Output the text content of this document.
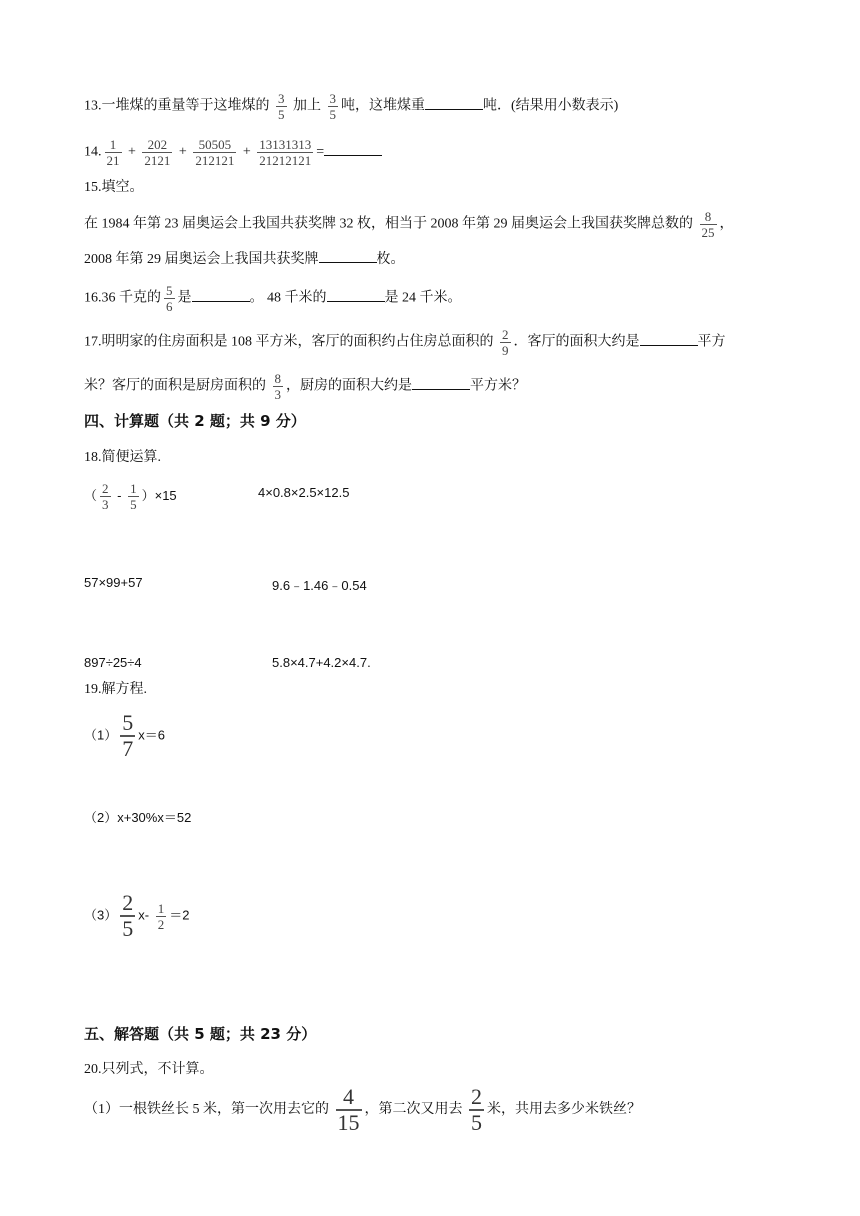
13.一堆煤的重量等于这堆煤的 $\frac{3}{5}$ 加上 $\frac{3}{5}$ 吨，这堆煤重	吨．(结果用小数表示)
14. $\frac{1}{21} + \frac{202}{2121} + \frac{50505}{212121} + \frac{13131313}{21212121}$ =
15.填空。
在 1984 年第 23 届奥运会上我国共获奖牌 32 枚，相当于 2008 年第 29 届奥运会上我国获奖牌总数的 $\frac{8}{25}$ ，
2008 年第 29 届奥运会上我国共获奖牌	枚。
16.36 千克的 $\frac{5}{6}$ 是	。 48 千米的	是 24 千米。
17.明明家的住房面积是 108 平方米，客厅的面积约占住房总面积的 $\frac{2}{9}$ ．客厅的面积大约是	平方
米？客厅的面积是厨房面积的 $\frac{8}{3}$ ，厨房的面积大约是	平方米？
四、计算题（共 2 题；共 9 分）
18.简便运算.
（ $\frac{2}{3} - \frac{1}{5} )\times 15$	4×0.8×2.5×12.5
57×99+57	9.6﹣1.46﹣0.54
897÷25÷4	5.8×4.7+4.2×4.7.
19.解方程.
$(1) \frac{5}{7} x=6$
（2）x+30%x＝52
$(3) \frac{2}{5} x- \frac{1}{2} =2$
五、解答题（共 5 题；共 23 分）
20.只列式，不计算。
（1）一根铁丝长 5 米，第一次用去它的 $\frac{4}{15}$ ，第二次又用去 $\frac{2}{5}$ 米，共用去多少米铁丝？
